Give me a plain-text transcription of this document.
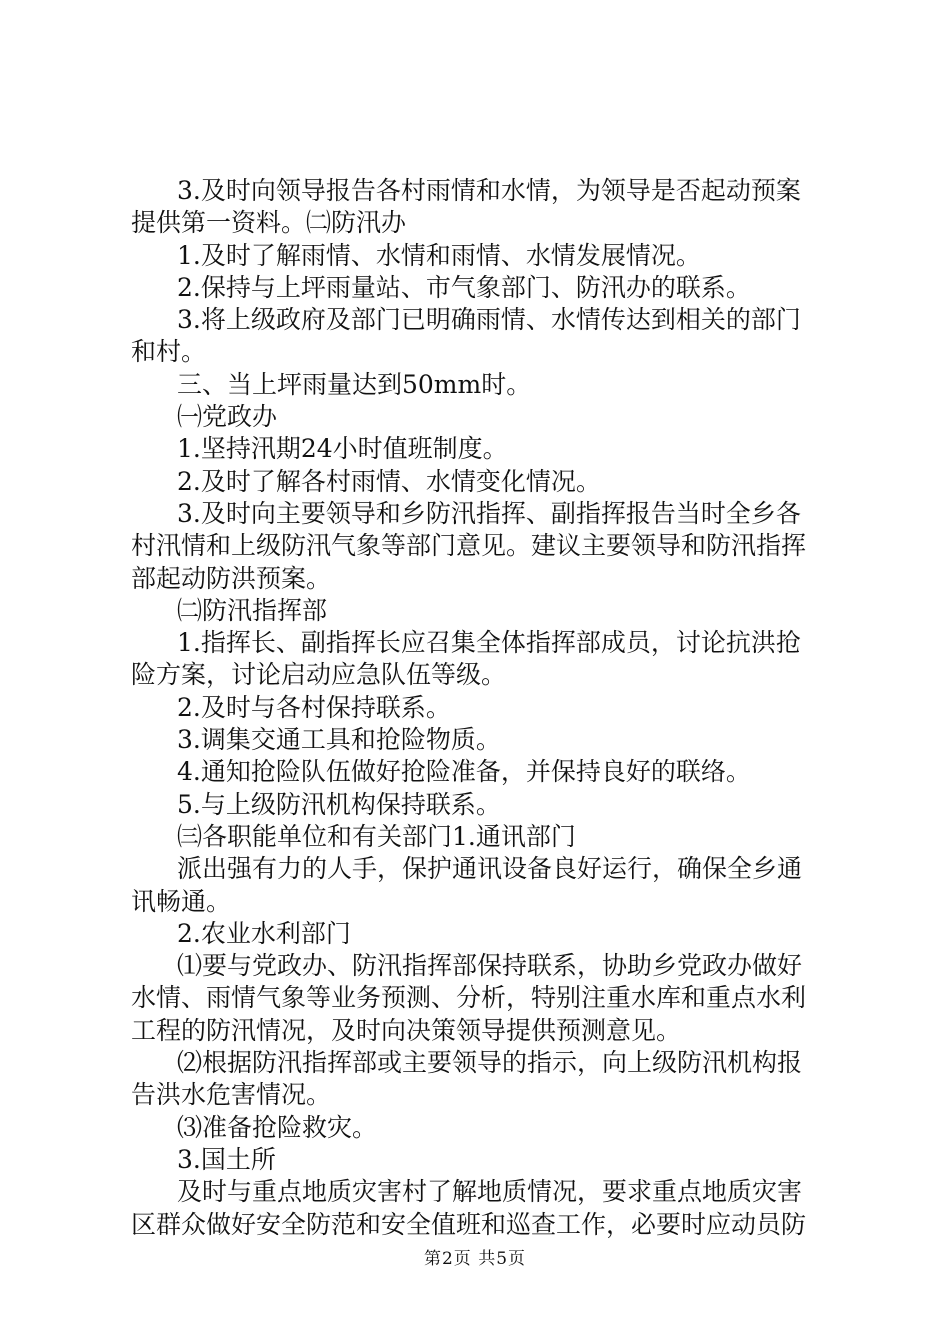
3.及时向领导报告各村雨情和水情，为领导是否起动预案

提供第一资料。㈡防汛办

1.及时了解雨情、水情和雨情、水情发展情况。

2.保持与上坪雨量站、市气象部门、防汛办的联系。

3.将上级政府及部门已明确雨情、水情传达到相关的部门

和村。

三、当上坪雨量达到50mm时。

㈠党政办

1.坚持汛期24小时值班制度。

2.及时了解各村雨情、水情变化情况。

3.及时向主要领导和乡防汛指挥、副指挥报告当时全乡各

村汛情和上级防汛气象等部门意见。建议主要领导和防汛指挥

部起动防洪预案。

㈡防汛指挥部

1.指挥长、副指挥长应召集全体指挥部成员，讨论抗洪抢

险方案，讨论启动应急队伍等级。

2.及时与各村保持联系。

3.调集交通工具和抢险物质。

4.通知抢险队伍做好抢险准备，并保持良好的联络。

5.与上级防汛机构保持联系。

㈢各职能单位和有关部门1.通讯部门

派出强有力的人手，保护通讯设备良好运行，确保全乡通

讯畅通。

2.农业水利部门

⑴要与党政办、防汛指挥部保持联系，协助乡党政办做好

水情、雨情气象等业务预测、分析，特别注重水库和重点水利

工程的防汛情况，及时向决策领导提供预测意见。

⑵根据防汛指挥部或主要领导的指示，向上级防汛机构报

告洪水危害情况。

⑶准备抢险救灾。

3.国土所

及时与重点地质灾害村了解地质情况，要求重点地质灾害

区群众做好安全防范和安全值班和巡查工作，必要时应动员防

第2页 共5页
